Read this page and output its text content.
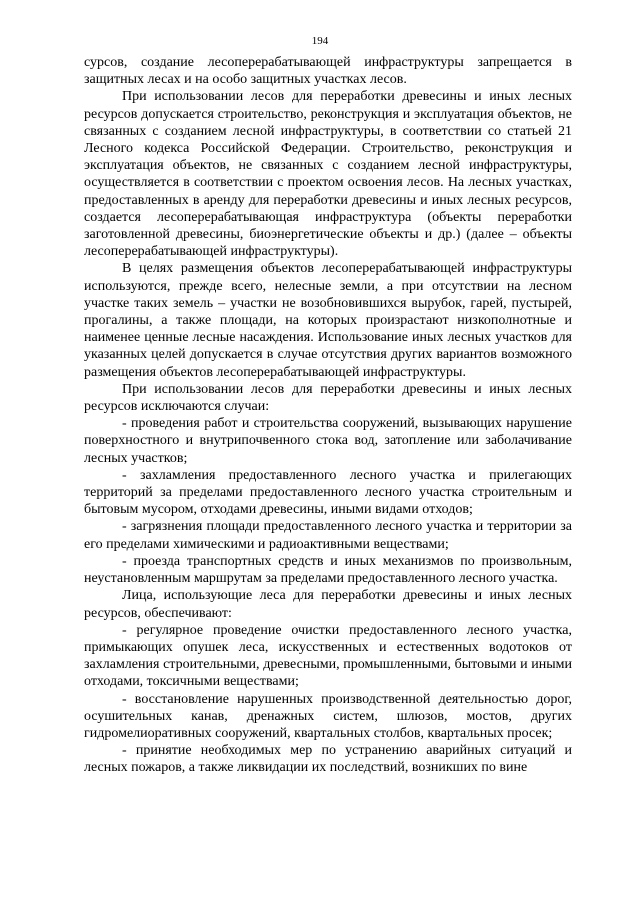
194

сурсов, создание лесоперерабатывающей инфраструктуры запрещается в защитных лесах и на особо защитных участках лесов.

При использовании лесов для переработки древесины и иных лесных ресурсов допускается строительство, реконструкция и эксплуатация объектов, не связанных с созданием лесной инфраструктуры, в соответствии со статьей 21 Лесного кодекса Российской Федерации. Строительство, реконструкция и эксплуатация объектов, не связанных с созданием лесной инфраструктуры, осуществляется в соответствии с проектом освоения лесов. На лесных участках, предоставленных в аренду для переработки древесины и иных лесных ресурсов, создается лесоперерабатывающая инфраструктура (объекты переработки заготовленной древесины, биоэнергетические объекты и др.) (далее – объекты лесоперерабатывающей инфраструктуры).

В целях размещения объектов лесоперерабатывающей инфраструктуры используются, прежде всего, нелесные земли, а при отсутствии на лесном участке таких земель – участки не возобновившихся вырубок, гарей, пустырей, прогалины, а также площади, на которых произрастают низкополнотные и наименее ценные лесные насаждения. Использование иных лесных участков для указанных целей допускается в случае отсутствия других вариантов возможного размещения объектов лесоперерабатывающей инфраструктуры.

При использовании лесов для переработки древесины и иных лесных ресурсов исключаются случаи:

- проведения работ и строительства сооружений, вызывающих нарушение поверхностного и внутрипочвенного стока вод, затопление или заболачивание лесных участков;

- захламления предоставленного лесного участка и прилегающих территорий за пределами предоставленного лесного участка строительным и бытовым мусором, отходами древесины, иными видами отходов;

- загрязнения площади предоставленного лесного участка и территории за его пределами химическими и радиоактивными веществами;

- проезда транспортных средств и иных механизмов по произвольным, неустановленным маршрутам за пределами предоставленного лесного участка.

Лица, использующие леса для переработки древесины и иных лесных ресурсов, обеспечивают:

- регулярное проведение очистки предоставленного лесного участка, примыкающих опушек леса, искусственных и естественных водотоков от захламления строительными, древесными, промышленными, бытовыми и иными отходами, токсичными веществами;

- восстановление нарушенных производственной деятельностью дорог, осушительных канав, дренажных систем, шлюзов, мостов, других гидромелиоративных сооружений, квартальных столбов, квартальных просек;

- принятие необходимых мер по устранению аварийных ситуаций и лесных пожаров, а также ликвидации их последствий, возникших по вине
